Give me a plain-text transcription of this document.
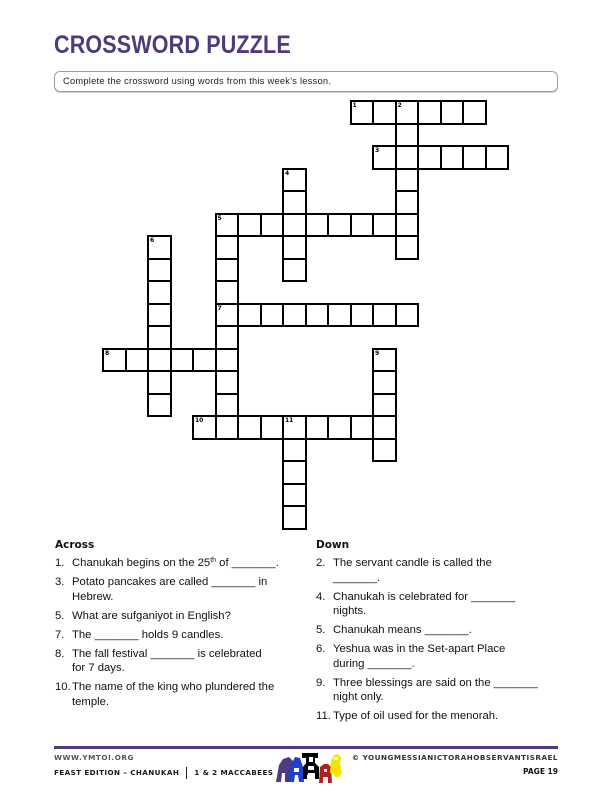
CROSSWORD PUZZLE
Complete the crossword using words from this week's lesson.
1	2
3
4
5
7
6
8	9
10	11
Across
1. Chanukah begins on the 25th of _______.
3. Potato pancakes are called _______ in
Hebrew.
5. What are sufganiyot in English?
7. The _______ holds 9 candles.
8. The fall festival _______ is celebrated
for 7 days.
10. The name of the king who plundered the
temple.
Down
2. The servant candle is called the
_______.
4. Chanukah is celebrated for _______
nights.
5. Chanukah means _______.
6. Yeshua was in the Set-apart Place
during _______.
9. Three blessings are said on the _______
night only.
11. Type of oil used for the menorah.
WWW.YMTOI.ORG
FEAST EDITION – CHANUKAH 1 & 2 MACCABEES
© YOUNGMESSIANICTORAHOBSERVANTISRAEL
PAGE 19
